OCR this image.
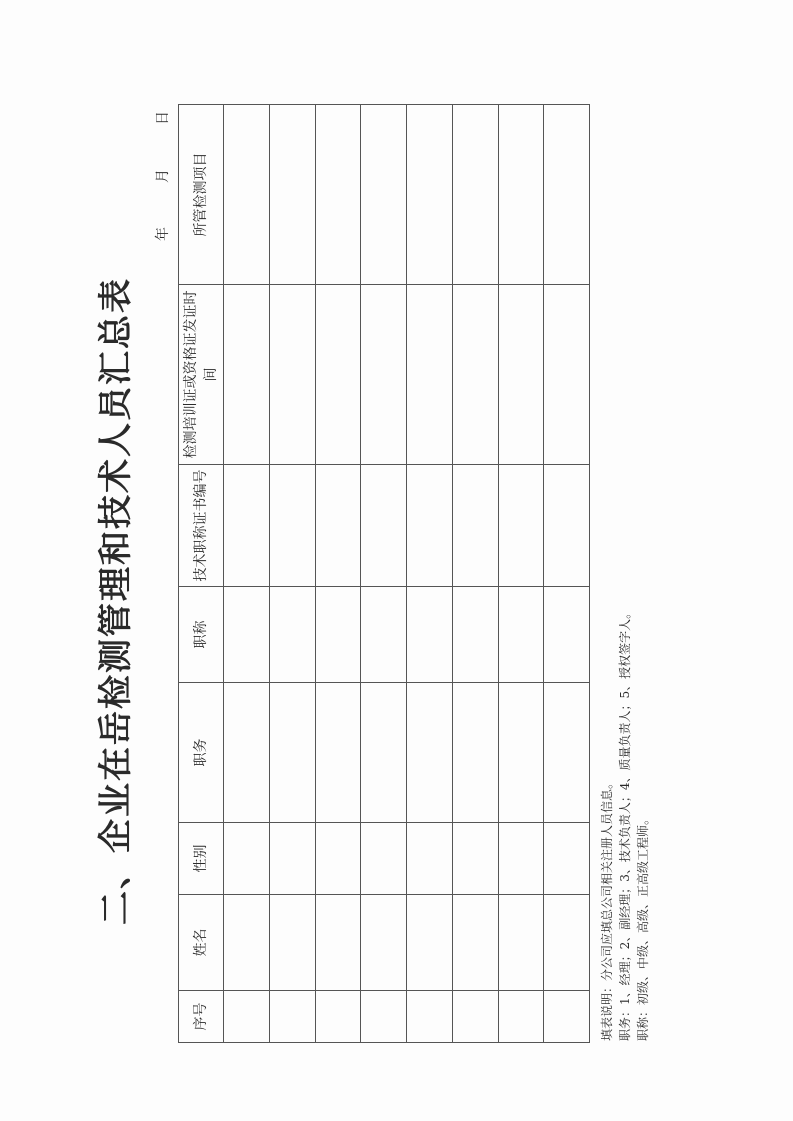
二、企业在岳检测管理和技术人员汇总表
年
月
日
序号	姓名	性别	职务	职称	技术职称证书编号	检测培训证或资格证发证时间	所管检测项目

填表说明：分公司应填总公司相关注册人员信息。 职务：1、经理；2、副经理；3、技术负责人；4、质量负责人；5、授权签字人。 职称：初级、中级、高级、正高级工程师。
